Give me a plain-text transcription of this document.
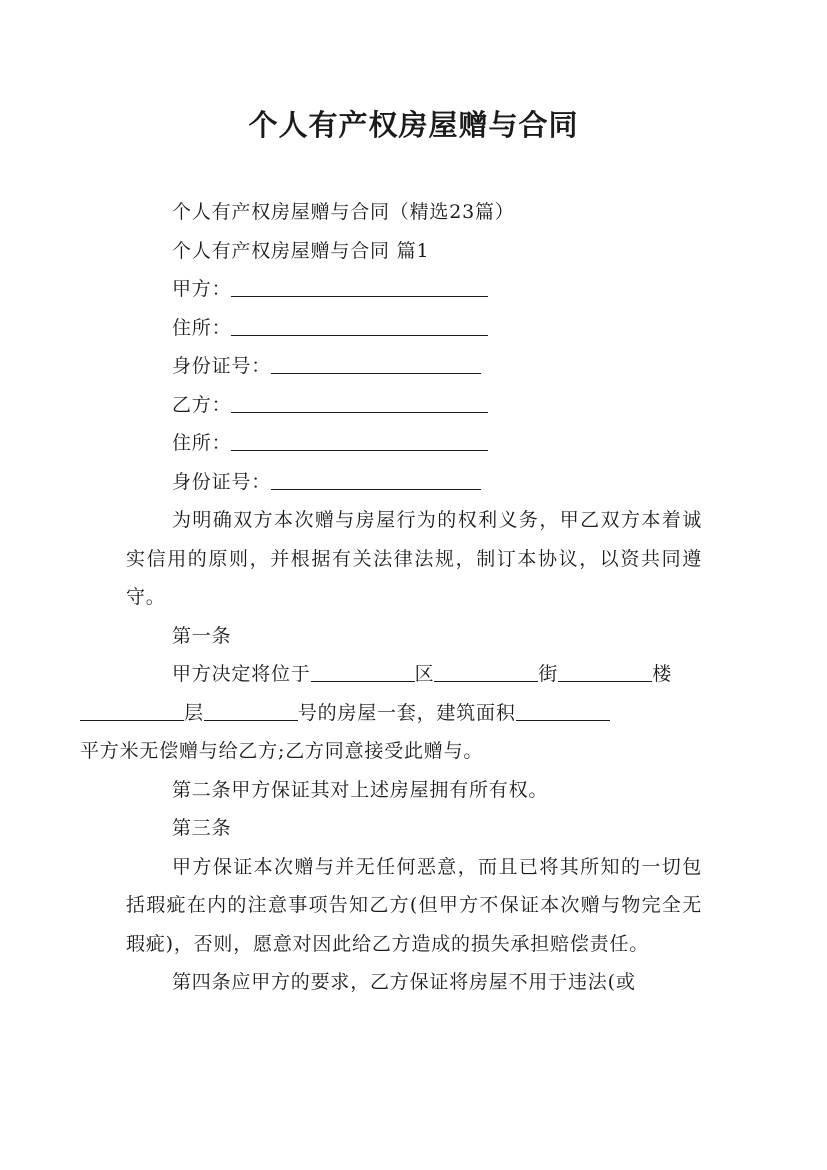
个人有产权房屋赠与合同

个人有产权房屋赠与合同（精选23篇）

个人有产权房屋赠与合同 篇1

甲方：
住所：
身份证号：
乙方：
住所：
身份证号：

为明确双方本次赠与房屋行为的权利义务，甲乙双方本着诚实信用的原则，并根据有关法律法规，制订本协议，以资共同遵守。

第一条

甲方决定将位于	区	街	楼
层	号的房屋一套，建筑面积
平方米无偿赠与给乙方;乙方同意接受此赠与。

第二条甲方保证其对上述房屋拥有所有权。

第三条

甲方保证本次赠与并无任何恶意，而且已将其所知的一切包括瑕疵在内的注意事项告知乙方(但甲方不保证本次赠与物完全无瑕疵)，否则，愿意对因此给乙方造成的损失承担赔偿责任。

第四条应甲方的要求，乙方保证将房屋不用于违法(或
